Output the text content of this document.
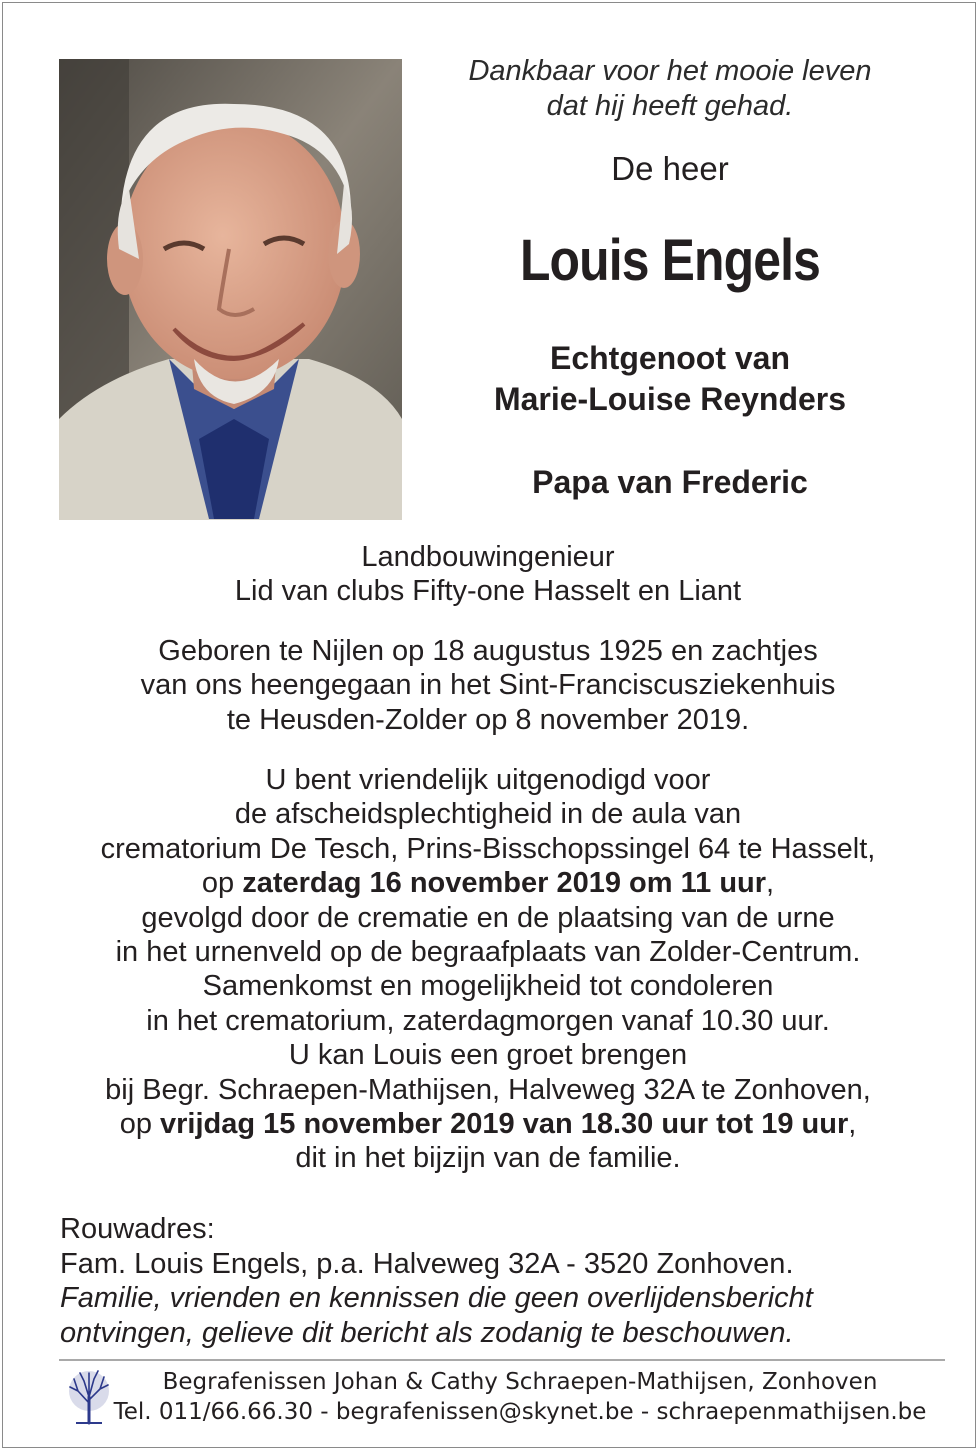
Dankbaar voor het mooie leven
dat hij heeft gehad.
De heer
Louis Engels
Echtgenoot van
Marie-Louise Reynders
Papa van Frederic
Landbouwingenieur
Lid van clubs Fifty-one Hasselt en Liant
Geboren te Nijlen op 18 augustus 1925 en zachtjes
van ons heengegaan in het Sint-Franciscusziekenhuis
te Heusden-Zolder op 8 november 2019.
U bent vriendelijk uitgenodigd voor
de afscheidsplechtigheid in de aula van
crematorium De Tesch, Prins-Bisschopssingel 64 te Hasselt,
op zaterdag 16 november 2019 om 11 uur,
gevolgd door de crematie en de plaatsing van de urne
in het urnenveld op de begraafplaats van Zolder-Centrum.
Samenkomst en mogelijkheid tot condoleren
in het crematorium, zaterdagmorgen vanaf 10.30 uur.
U kan Louis een groet brengen
bij Begr. Schraepen-Mathijsen, Halveweg 32A te Zonhoven,
op vrijdag 15 november 2019 van 18.30 uur tot 19 uur,
dit in het bijzijn van de familie.
Rouwadres:
Fam. Louis Engels, p.a. Halveweg 32A - 3520 Zonhoven.
Familie, vrienden en kennissen die geen overlijdensbericht
ontvingen, gelieve dit bericht als zodanig te beschouwen.
Begrafenissen Johan & Cathy Schraepen-Mathijsen, Zonhoven
Tel. 011/66.66.30 - begrafenissen@skynet.be - schraepenmathijsen.be
